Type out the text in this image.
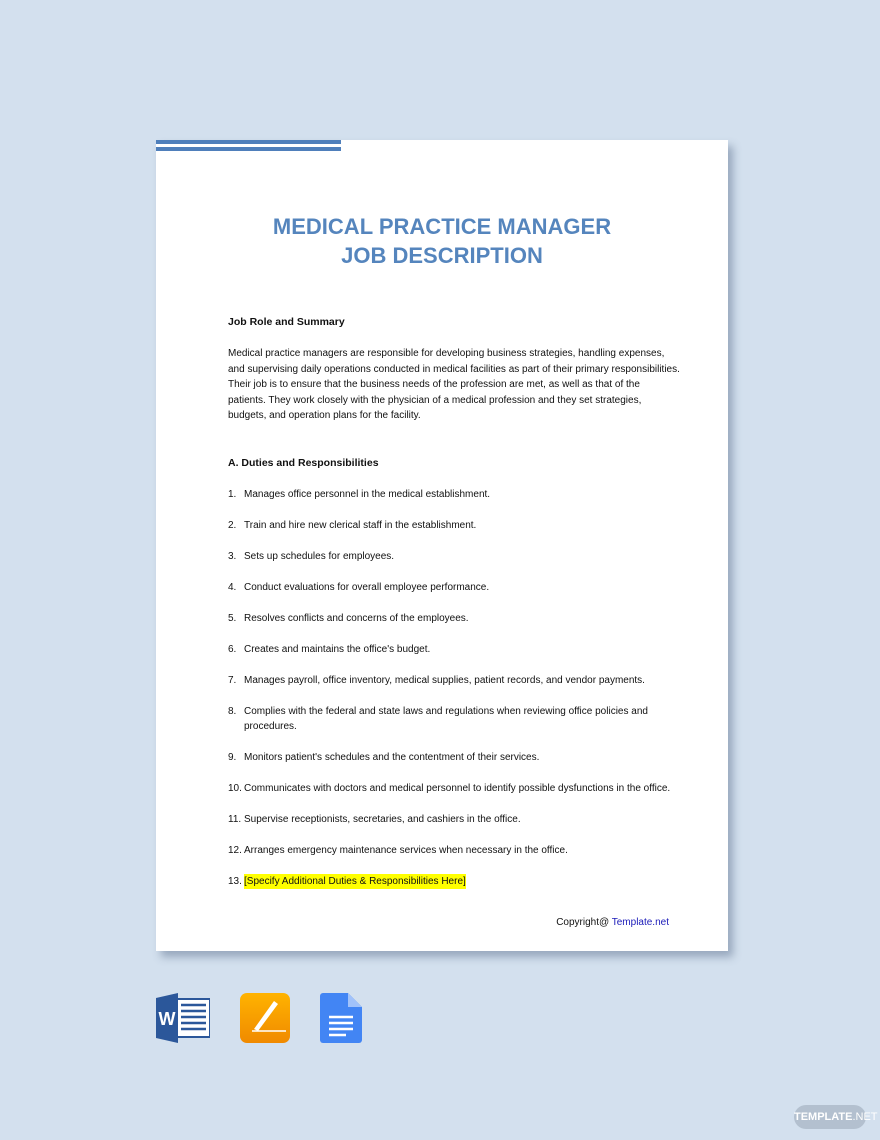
MEDICAL PRACTICE MANAGER
JOB DESCRIPTION
Job Role and Summary

Medical practice managers are responsible for developing business strategies, handling expenses, and supervising daily operations conducted in medical facilities as part of their primary responsibilities. Their job is to ensure that the business needs of the profession are met, as well as that of the patients. They work closely with the physician of a medical profession and they set strategies, budgets, and operation plans for the facility.

A. Duties and Responsibilities
1. Manages office personnel in the medical establishment.
2. Train and hire new clerical staff in the establishment.
3. Sets up schedules for employees.
4. Conduct evaluations for overall employee performance.
5. Resolves conflicts and concerns of the employees.
6. Creates and maintains the office's budget.
7. Manages payroll, office inventory, medical supplies, patient records, and vendor payments.
8. Complies with the federal and state laws and regulations when reviewing office policies and procedures.
9. Monitors patient's schedules and the contentment of their services.
10. Communicates with doctors and medical personnel to identify possible dysfunctions in the office.
11. Supervise receptionists, secretaries, and cashiers in the office.
12. Arranges emergency maintenance services when necessary in the office.
13. [Specify Additional Duties & Responsibilities Here]
Copyright@ Template.net
W
TEMPLATE.NET
